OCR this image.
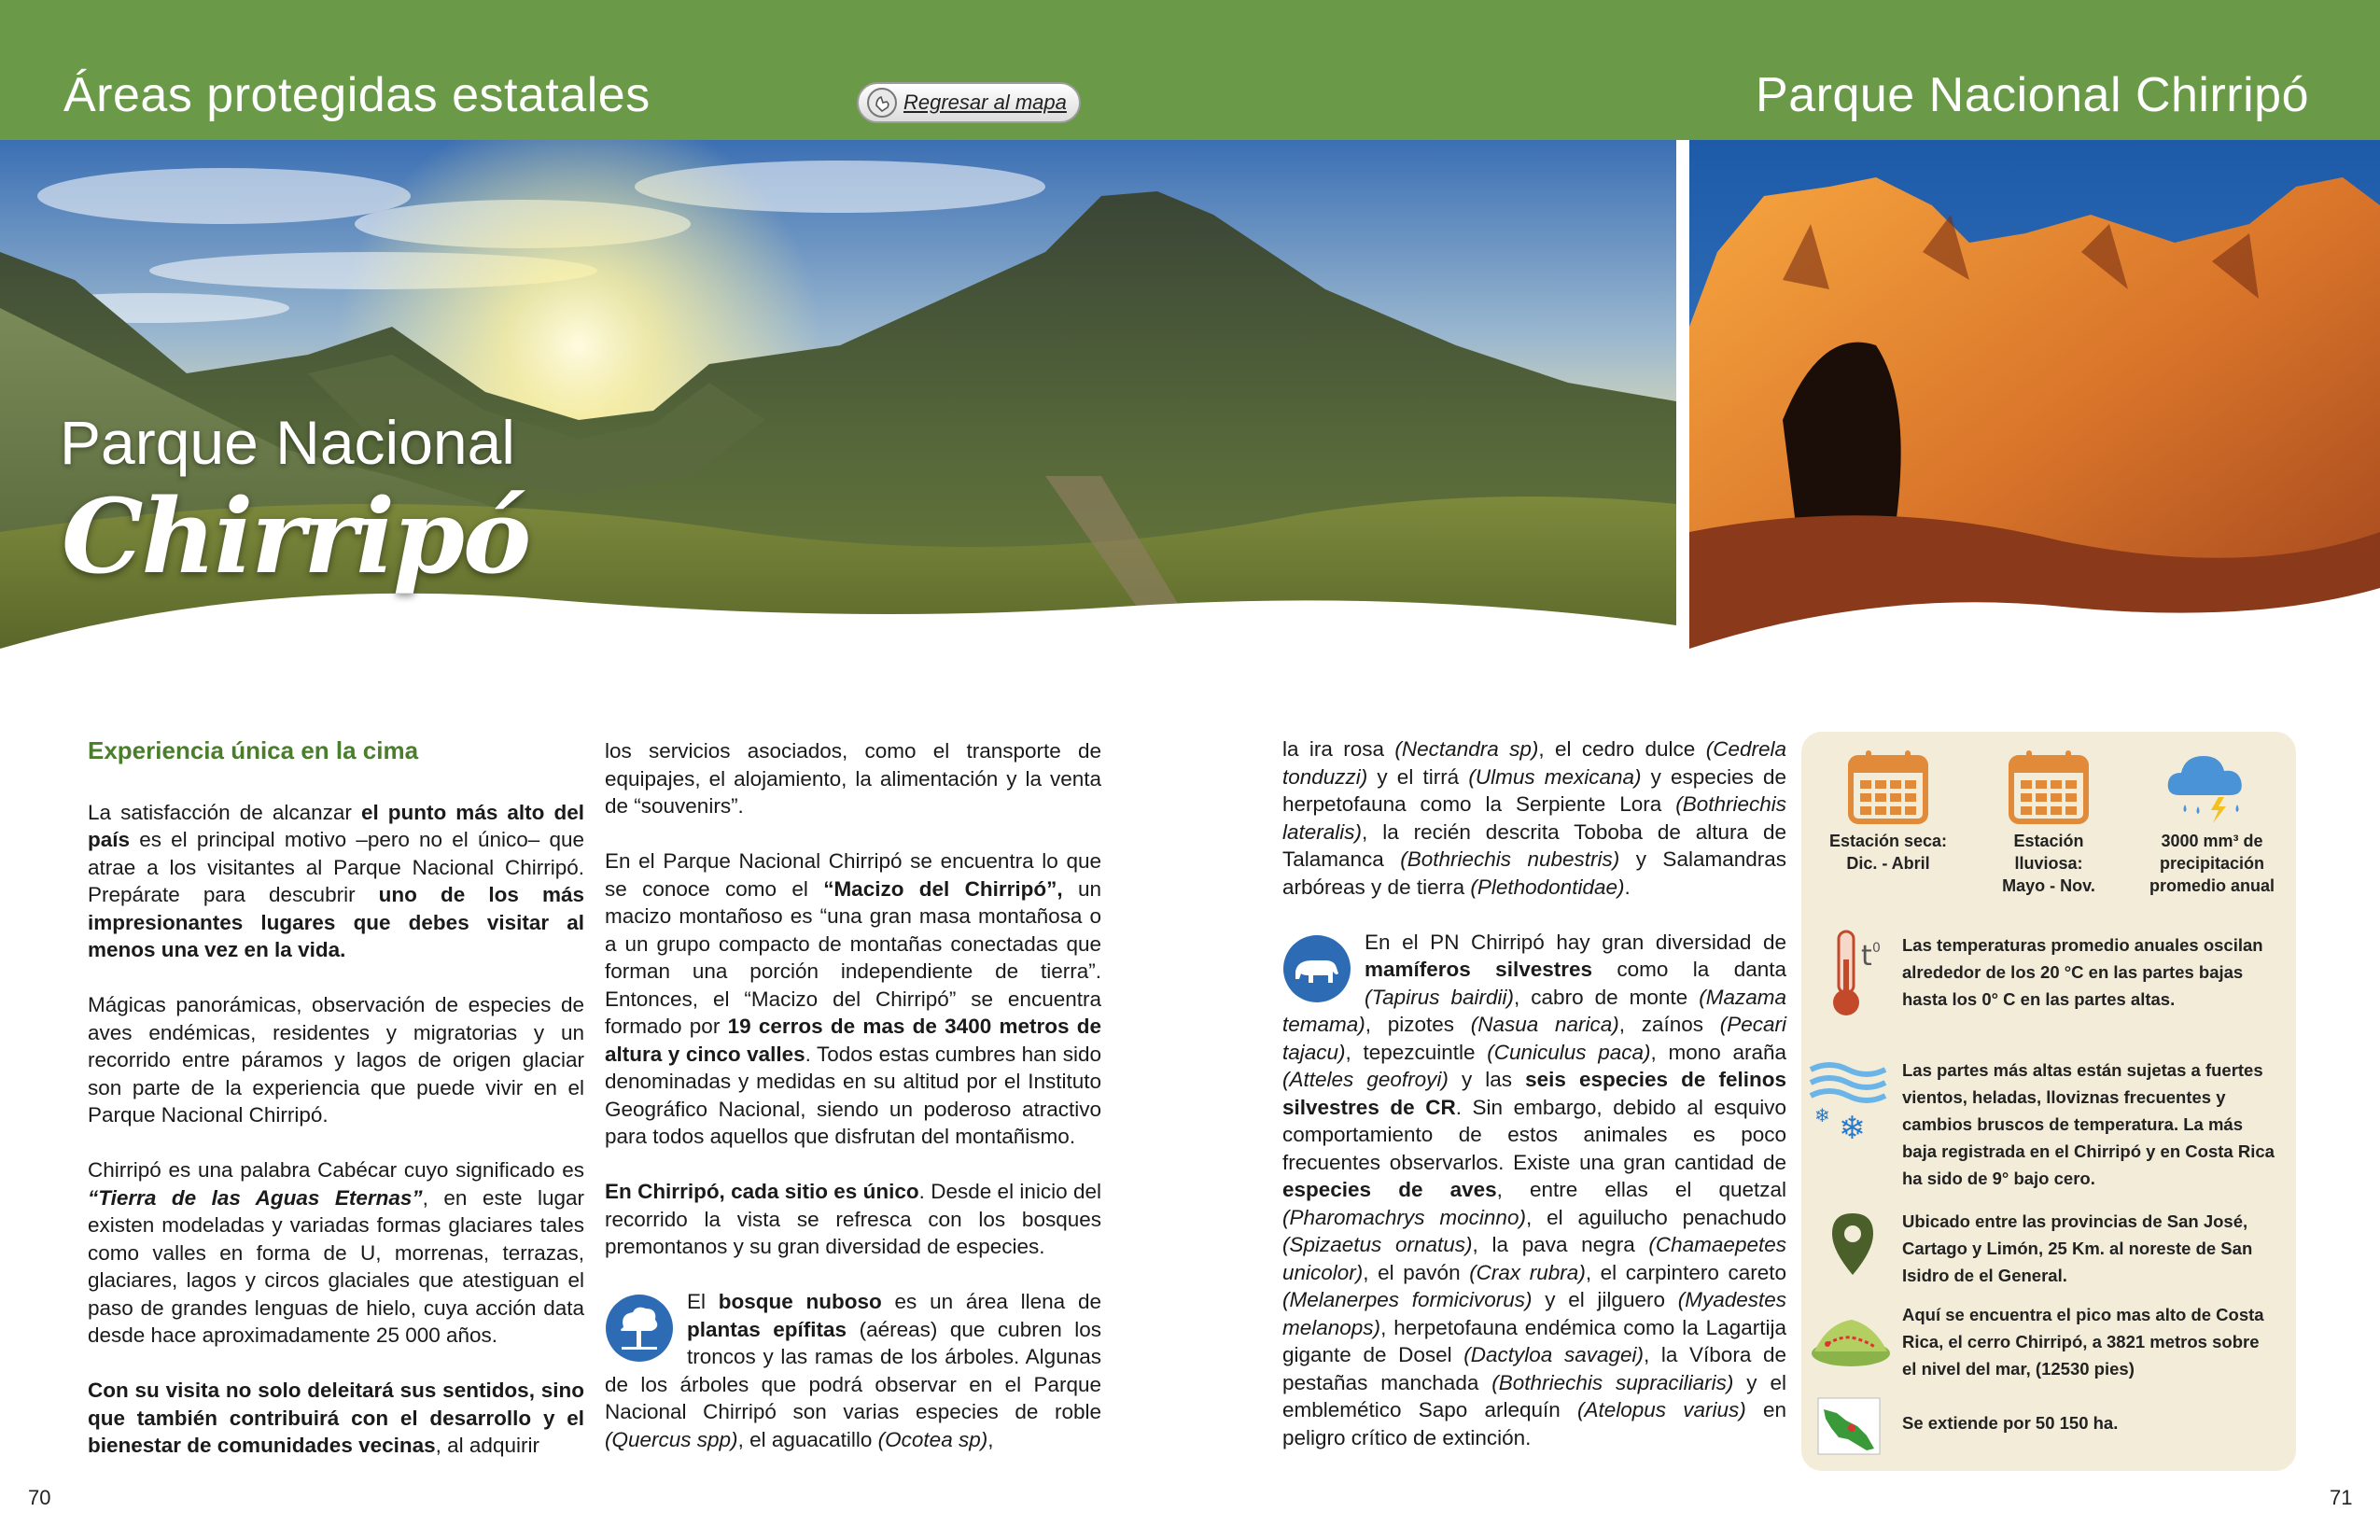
Áreas protegidas estatales	Regresar al mapa	Parque Nacional Chirripó
Parque Nacional
Chirripó

Experiencia única en la cima

La satisfacción de alcanzar el punto más alto del país es el principal motivo –pero no el único– que atrae a los visitantes al Parque Nacional Chirripó. Prepárate para descubrir uno de los más impresionantes lugares que debes visitar al menos una vez en la vida.

Mágicas panorámicas, observación de especies de aves endémicas, residentes y migratorias y un recorrido entre páramos y lagos de origen glaciar son parte de la experiencia que puede vivir en el Parque Nacional Chirripó.

Chirripó es una palabra Cabécar cuyo significado es “Tierra de las Aguas Eternas”, en este lugar existen modeladas y variadas formas glaciares tales como valles en forma de U, morrenas, terrazas, glaciares, lagos y circos glaciales que atestiguan el paso de grandes lenguas de hielo, cuya acción data desde hace aproximadamente 25 000 años.

Con su visita no solo deleitará sus sentidos, sino que también contribuirá con el desarrollo y el bienestar de comunidades vecinas, al adquirir

los servicios asociados, como el transporte de equipajes, el alojamiento, la alimentación y la venta de “souvenirs”.

En el Parque Nacional Chirripó se encuentra lo que se conoce como el “Macizo del Chirripó”, un macizo montañoso es “una gran masa montañosa o a un grupo compacto de montañas conectadas que forman una porción independiente de tierra”. Entonces, el “Macizo del Chirripó” se encuentra formado por 19 cerros de mas de 3400 metros de altura y cinco valles. Todos estas cumbres han sido denominadas y medidas en su altitud por el Instituto Geográfico Nacional, siendo un poderoso atractivo para todos aquellos que disfrutan del montañismo.

En Chirripó, cada sitio es único. Desde el inicio del recorrido la vista se refresca con los bosques premontanos y su gran diversidad de especies.

El bosque nuboso es un área llena de plantas epífitas (aéreas) que cubren los troncos y las ramas de los árboles. Algunas de los árboles que podrá observar en el Parque Nacional Chirripó son varias especies de roble (Quercus spp), el aguacatillo (Ocotea sp),

la ira rosa (Nectandra sp), el cedro dulce (Cedrela tonduzzi) y el tirrá (Ulmus mexicana) y especies de herpetofauna como la Serpiente Lora (Bothriechis lateralis), la recién descrita Toboba de altura de Talamanca (Bothriechis nubestris) y Salamandras arbóreas y de tierra (Plethodontidae).

En el PN Chirripó hay gran diversidad de mamíferos silvestres como la danta (Tapirus bairdii), cabro de monte (Mazama temama), pizotes (Nasua narica), zaínos (Pecari tajacu), tepezcuintle (Cuniculus paca), mono araña (Atteles geofroyi) y las seis especies de felinos silvestres de CR. Sin embargo, debido al esquivo comportamiento de estos animales es poco frecuentes observarlos. Existe una gran cantidad de especies de aves, entre ellas el quetzal (Pharomachrys mocinno), el aguilucho penachudo (Spizaetus ornatus), la pava negra (Chamaepetes unicolor), el pavón (Crax rubra), el carpintero careto (Melanerpes formicivorus) y el jilguero (Myadestes melanops), herpetofauna endémica como la Lagartija gigante de Dosel (Dactyloa savagei), la Víbora de pestañas manchada (Bothriechis supraciliaris) y el emblemético Sapo arlequín (Atelopus varius) en peligro crítico de extinción.

Estación seca:
Dic. - Abril
Estación lluviosa:
Mayo - Nov.
3000 mm³ de
precipitación
promedio anual
t 0 Las temperaturas promedio anuales oscilan alrededor de los 20 °C en las partes bajas hasta los 0° C en las partes altas.
❄ ❄
Las partes más altas están sujetas a fuertes vientos, heladas, lloviznas frecuentes y cambios bruscos de temperatura. La más baja registrada en el Chirripó y en Costa Rica ha sido de 9° bajo cero.
Ubicado entre las provincias de San José, Cartago y Limón, 25 Km. al noreste de San Isidro de el General.
Aquí se encuentra el pico mas alto de Costa Rica, el cerro Chirripó, a 3821 metros sobre el nivel del mar, (12530 pies)
Se extiende por 50 150 ha.
70	71
